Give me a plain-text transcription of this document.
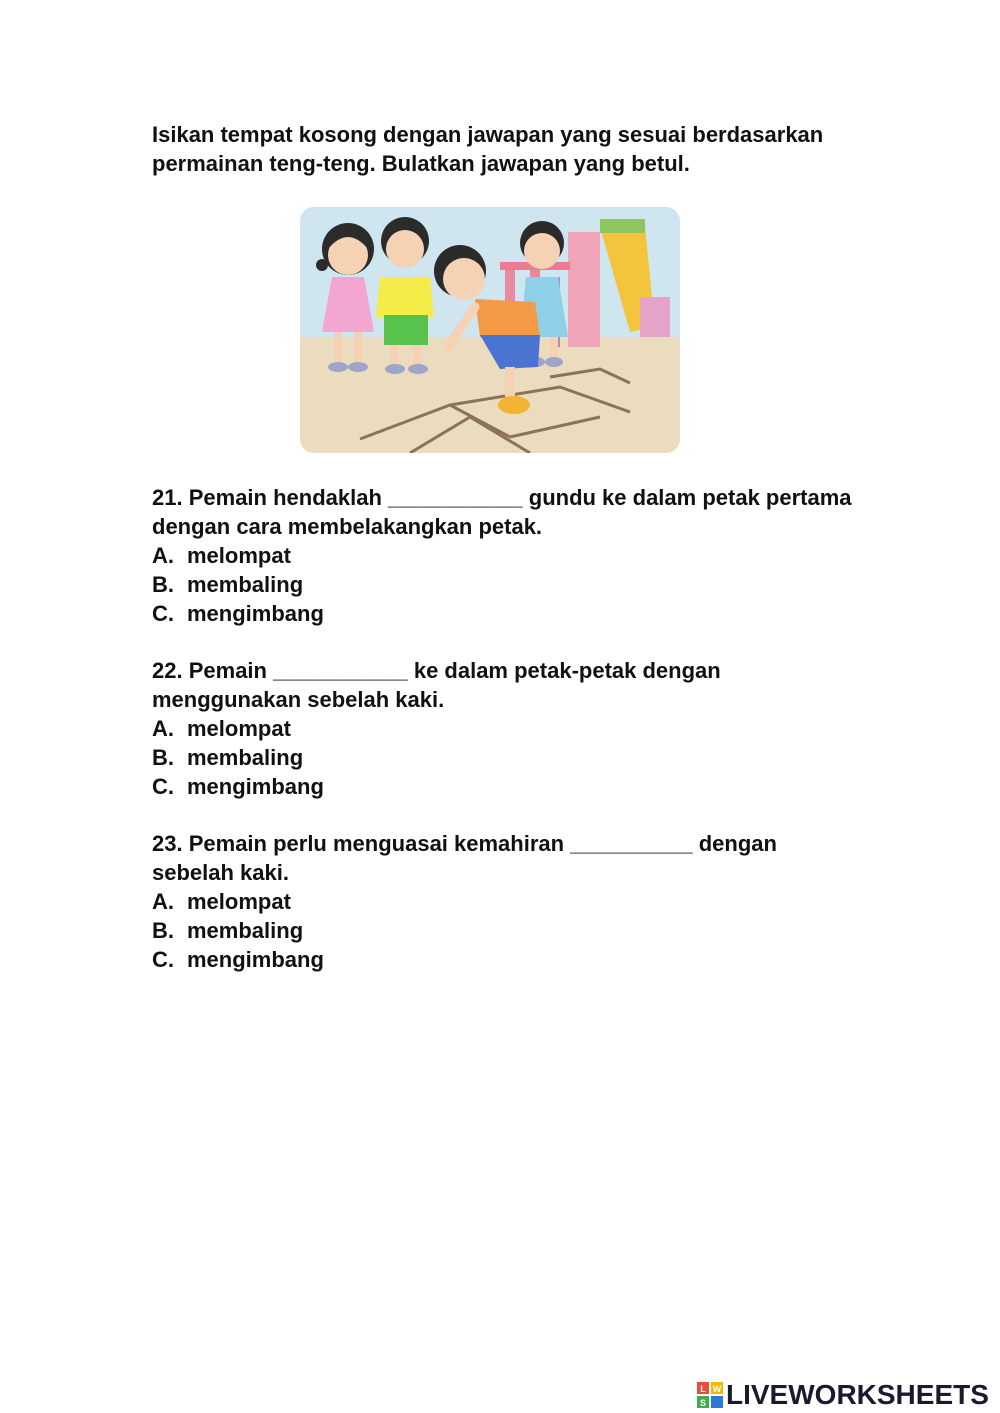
Isikan tempat kosong dengan jawapan yang sesuai berdasarkan permainan teng-teng. Bulatkan jawapan yang betul.

21. Pemain hendaklah ___________ gundu ke dalam petak pertama dengan cara membelakangkan petak.

A. melompat

B. membaling

C. mengimbang

22. Pemain ___________ ke dalam petak-petak dengan menggunakan sebelah kaki.

A. melompat

B. membaling

C. mengimbang

23. Pemain perlu menguasai kemahiran __________ dengan sebelah kaki.

A. melompat

B. membaling

C. mengimbang

L W
S LIVEWORKSHEETS
